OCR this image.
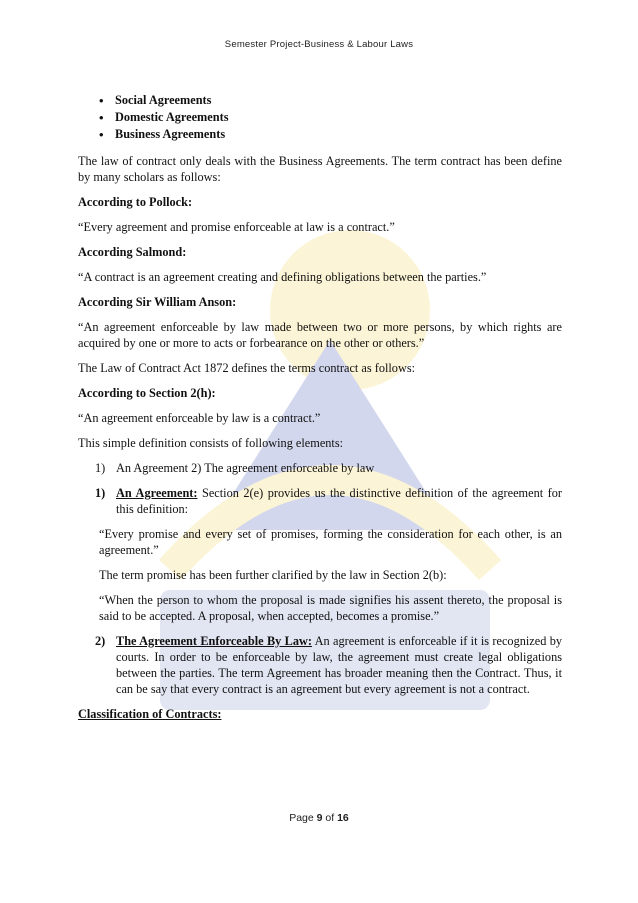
Semester Project-Business & Labour Laws
• Social Agreements
• Domestic Agreements
• Business Agreements

The law of contract only deals with the Business Agreements. The term contract has been define by many scholars as follows:

According to Pollock:

“Every agreement and promise enforceable at law is a contract.”

According Salmond:

“A contract is an agreement creating and defining obligations between the parties.”

According Sir William Anson:

“An agreement enforceable by law made between two or more persons, by which rights are acquired by one or more to acts or forbearance on the other or others.”

The Law of Contract Act 1872 defines the terms contract as follows:

According to Section 2(h):

“An agreement enforceable by law is a contract.”

This simple definition consists of following elements:

1) An Agreement 2) The agreement enforceable by law

1) An Agreement: Section 2(e) provides us the distinctive definition of the agreement for this definition:

“Every promise and every set of promises, forming the consideration for each other, is an agreement.”

The term promise has been further clarified by the law in Section 2(b):

“When the person to whom the proposal is made signifies his assent thereto, the proposal is said to be accepted. A proposal, when accepted, becomes a promise.”

2) The Agreement Enforceable By Law: An agreement is enforceable if it is recognized by courts. In order to be enforceable by law, the agreement must create legal obligations between the parties. The term Agreement has broader meaning then the Contract. Thus, it can be say that every contract is an agreement but every agreement is not a contract.

Classification of Contracts:

Page 9 of 16
